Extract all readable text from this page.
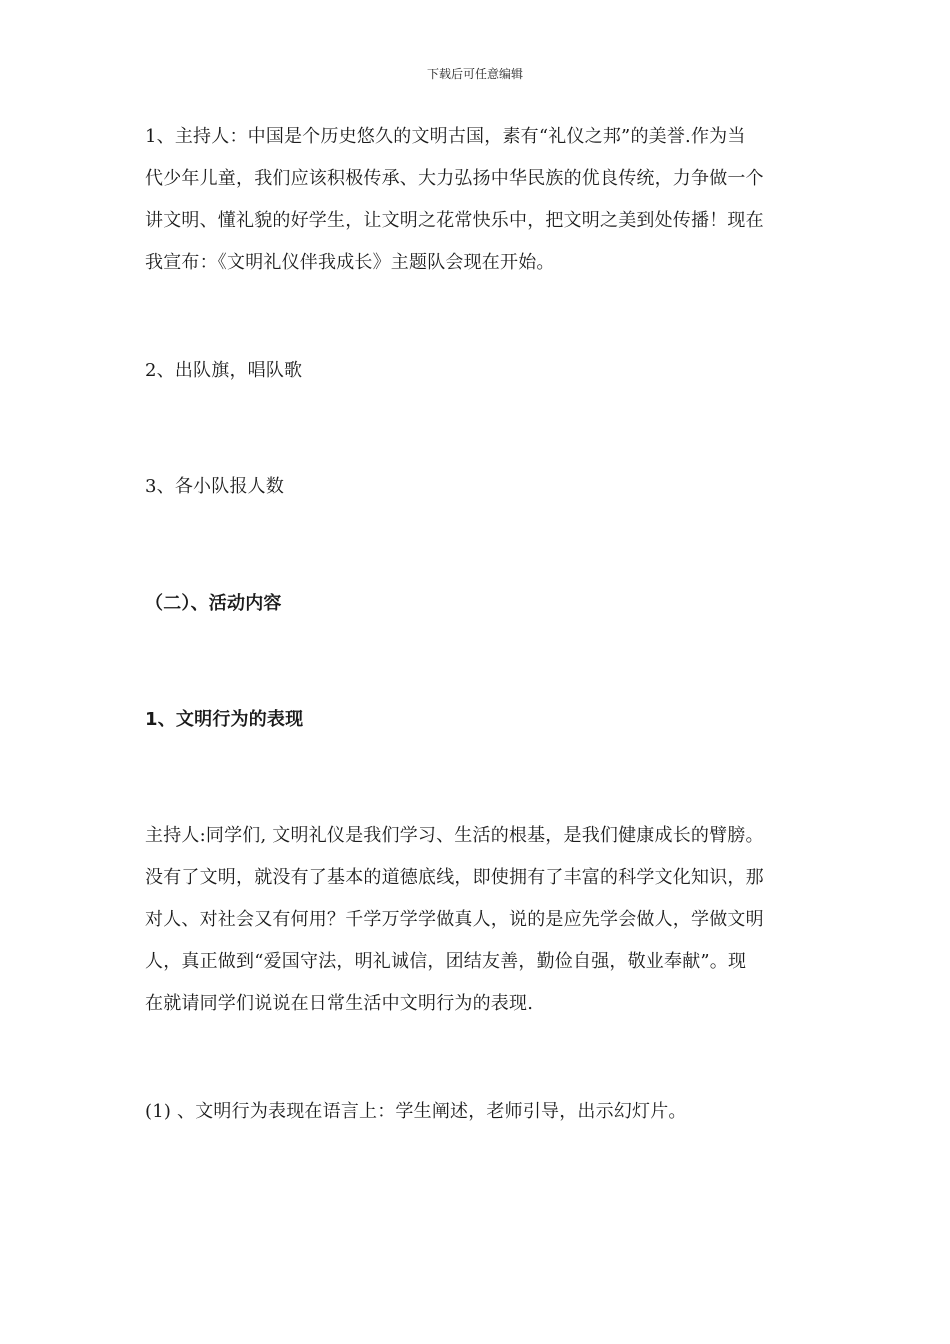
下载后可任意编辑
1、主持人：中国是个历史悠久的文明古国，素有“礼仪之邦”的美誉.作为当
代少年儿童，我们应该积极传承、大力弘扬中华民族的优良传统，力争做一个
讲文明、懂礼貌的好学生，让文明之花常快乐中，把文明之美到处传播！现在
我宣布：《文明礼仪伴我成长》主题队会现在开始。
2、出队旗，唱队歌
3、各小队报人数
（二）、活动内容
1、文明行为的表现
主持人:同学们, 文明礼仪是我们学习、生活的根基，是我们健康成长的臂膀。
没有了文明，就没有了基本的道德底线，即使拥有了丰富的科学文化知识，那
对人、对社会又有何用？千学万学学做真人，说的是应先学会做人，学做文明
人，真正做到“爱国守法，明礼诚信，团结友善，勤俭自强，敬业奉献”。现
在就请同学们说说在日常生活中文明行为的表现.
(1) 、文明行为表现在语言上：学生阐述，老师引导，出示幻灯片。
